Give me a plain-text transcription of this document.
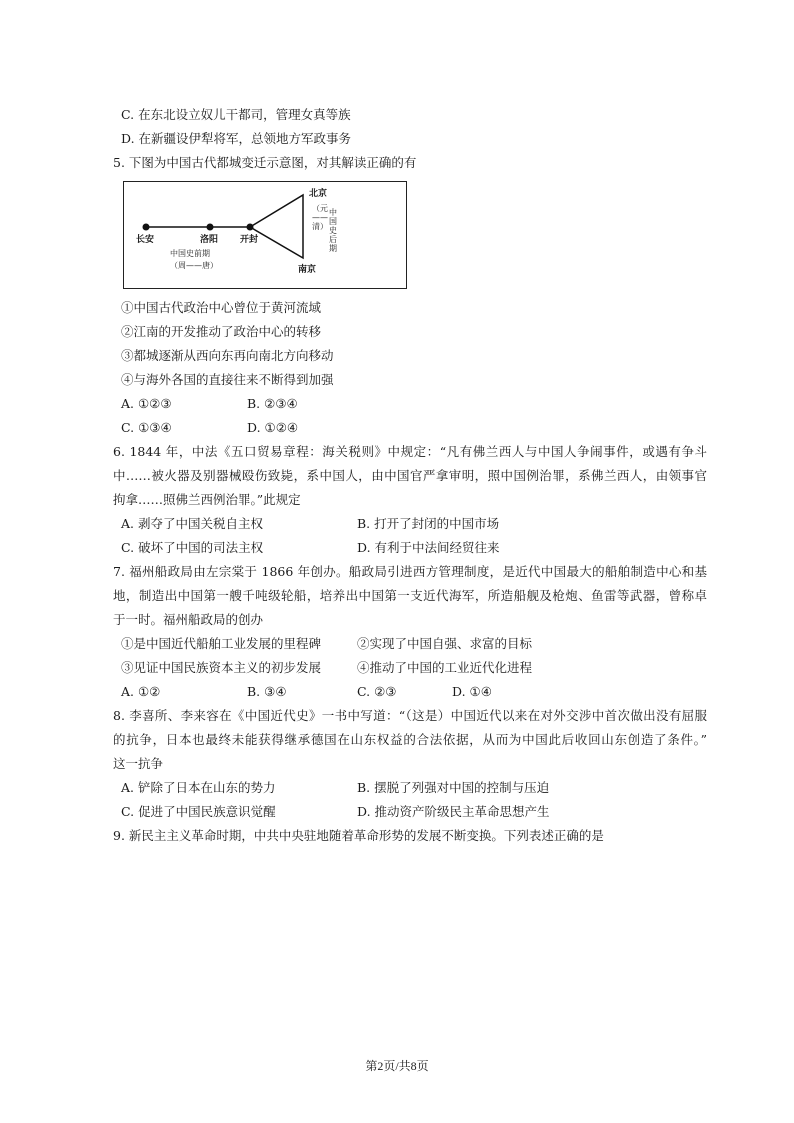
C. 在东北设立奴儿干都司，管理女真等族
D. 在新疆设伊犁将军，总领地方军政事务
5. 下图为中国古代都城变迁示意图，对其解读正确的有
长安	洛阳 开封
北京
南京
中国史前期
（周——唐）
（元——清）
中国史后期
①中国古代政治中心曾位于黄河流域
②江南的开发推动了政治中心的转移
③都城逐渐从西向东再向南北方向移动
④与海外各国的直接往来不断得到加强
A. ①②③	B. ②③④
C. ①③④	D. ①②④
6. 1844 年，中法《五口贸易章程：海关税则》中规定：“凡有佛兰西人与中国人争闹事件，或遇有争斗
中……被火器及别器械殴伤致毙，系中国人，由中国官严拿审明，照中国例治罪，系佛兰西人，由领事官
拘拿……照佛兰西例治罪。”此规定
A. 剥夺了中国关税自主权	B. 打开了封闭的中国市场
C. 破坏了中国的司法主权	D. 有利于中法间经贸往来
7. 福州船政局由左宗棠于 1866 年创办。船政局引进西方管理制度，是近代中国最大的船舶制造中心和基
地，制造出中国第一艘千吨级轮船，培养出中国第一支近代海军，所造船舰及枪炮、鱼雷等武器，曾称卓
于一时。福州船政局的创办
①是中国近代船舶工业发展的里程碑	②实现了中国自强、求富的目标
③见证中国民族资本主义的初步发展	④推动了中国的工业近代化进程
A. ①②	B. ③④	C. ②③	D. ①④
8. 李喜所、李来容在《中国近代史》一书中写道：“（这是）中国近代以来在对外交涉中首次做出没有屈服
的抗争，日本也最终未能获得继承德国在山东权益的合法依据，从而为中国此后收回山东创造了条件。”
这一抗争
A. 铲除了日本在山东的势力	B. 摆脱了列强对中国的控制与压迫
C. 促进了中国民族意识觉醒	D. 推动资产阶级民主革命思想产生
9. 新民主主义革命时期，中共中央驻地随着革命形势的发展不断变换。下列表述正确的是
第2页/共8页
